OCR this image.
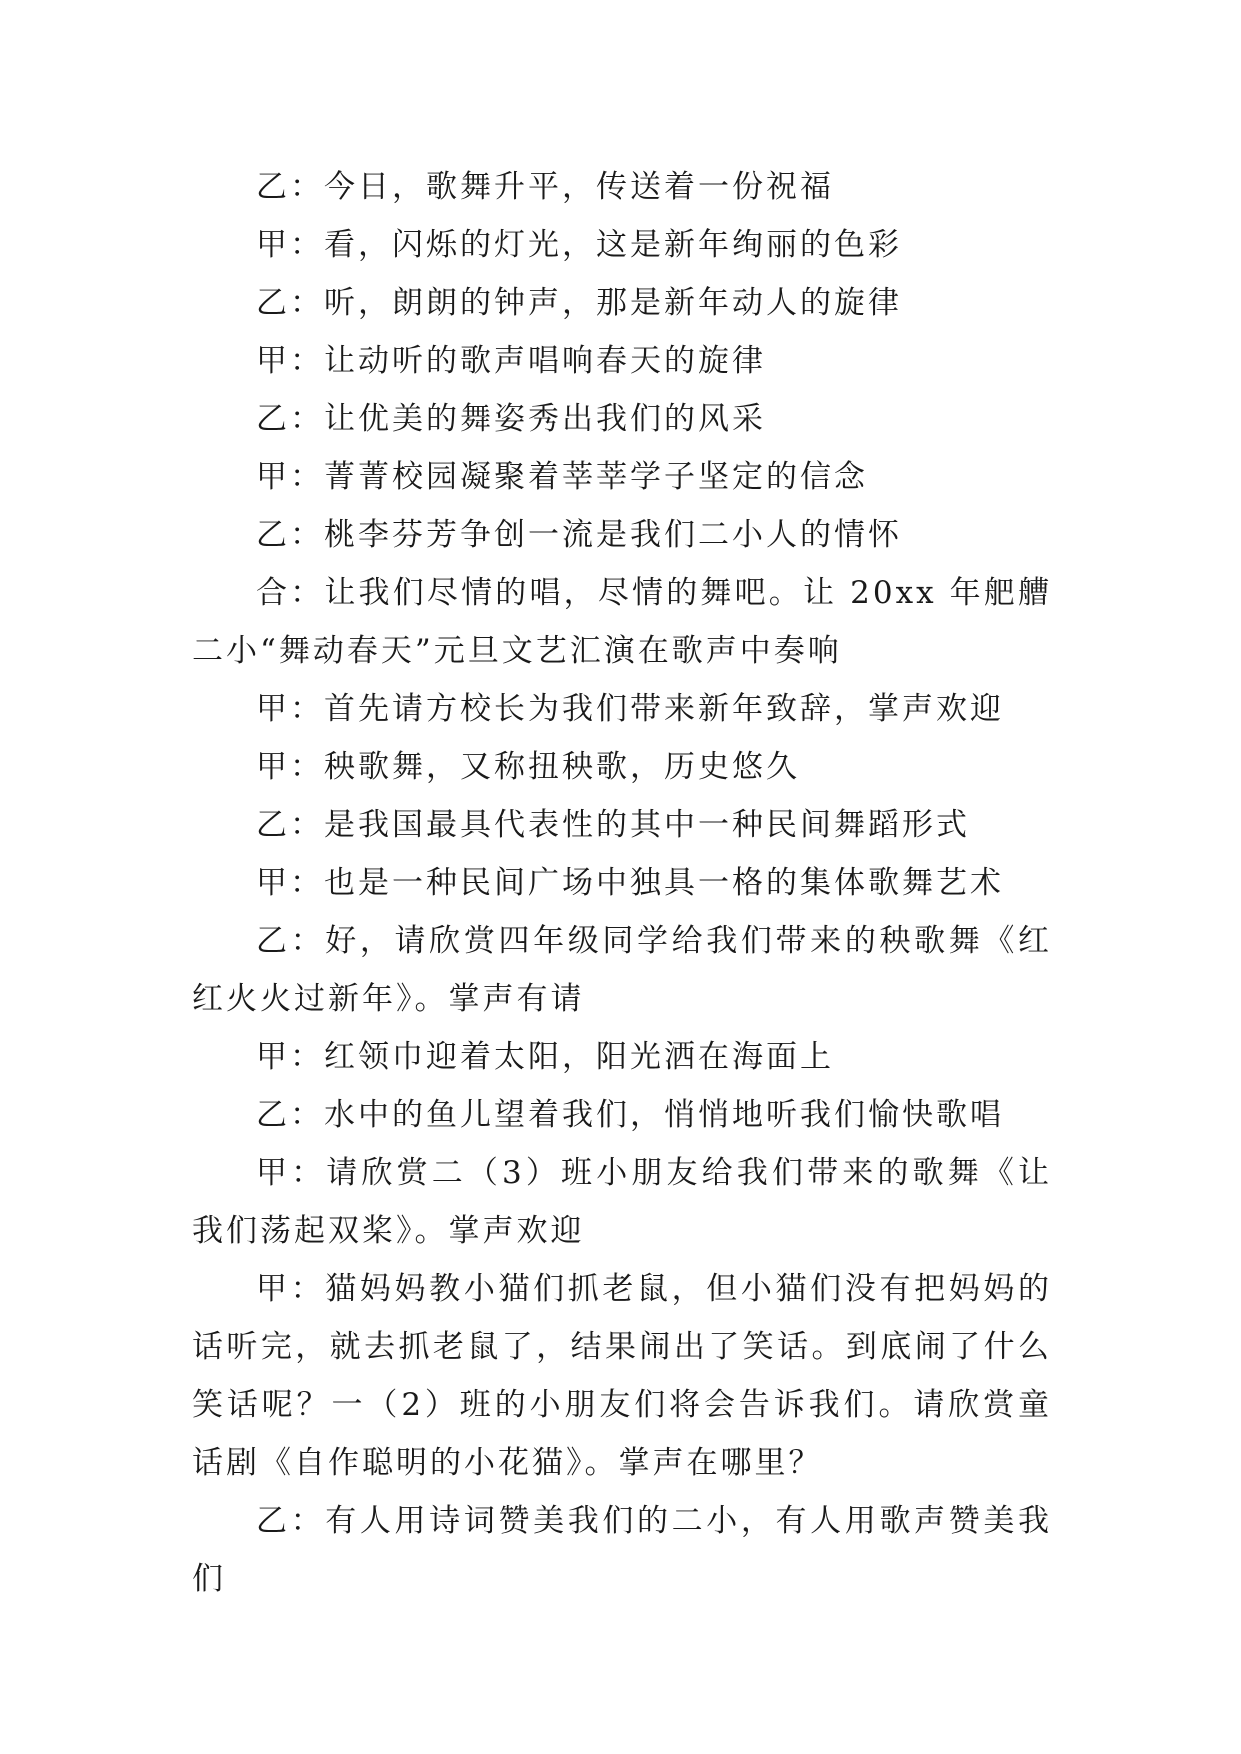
乙：今日，歌舞升平，传送着一份祝福

甲：看，闪烁的灯光，这是新年绚丽的色彩

乙：听，朗朗的钟声，那是新年动人的旋律

甲：让动听的歌声唱响春天的旋律

乙：让优美的舞姿秀出我们的风采

甲：菁菁校园凝聚着莘莘学子坚定的信念

乙：桃李芬芳争创一流是我们二小人的情怀

合：让我们尽情的唱，尽情的舞吧。让 20xx 年舥艚二小“舞动春天”元旦文艺汇演在歌声中奏响

甲：首先请方校长为我们带来新年致辞，掌声欢迎

甲：秧歌舞，又称扭秧歌，历史悠久

乙：是我国最具代表性的其中一种民间舞蹈形式

甲：也是一种民间广场中独具一格的集体歌舞艺术

乙：好，请欣赏四年级同学给我们带来的秧歌舞《红红火火过新年》。掌声有请

甲：红领巾迎着太阳，阳光洒在海面上

乙：水中的鱼儿望着我们，悄悄地听我们愉快歌唱

甲：请欣赏二（3）班小朋友给我们带来的歌舞《让我们荡起双桨》。掌声欢迎

甲：猫妈妈教小猫们抓老鼠，但小猫们没有把妈妈的话听完，就去抓老鼠了，结果闹出了笑话。到底闹了什么笑话呢？一（2）班的小朋友们将会告诉我们。请欣赏童话剧《自作聪明的小花猫》。掌声在哪里？

乙：有人用诗词赞美我们的二小，有人用歌声赞美我们
